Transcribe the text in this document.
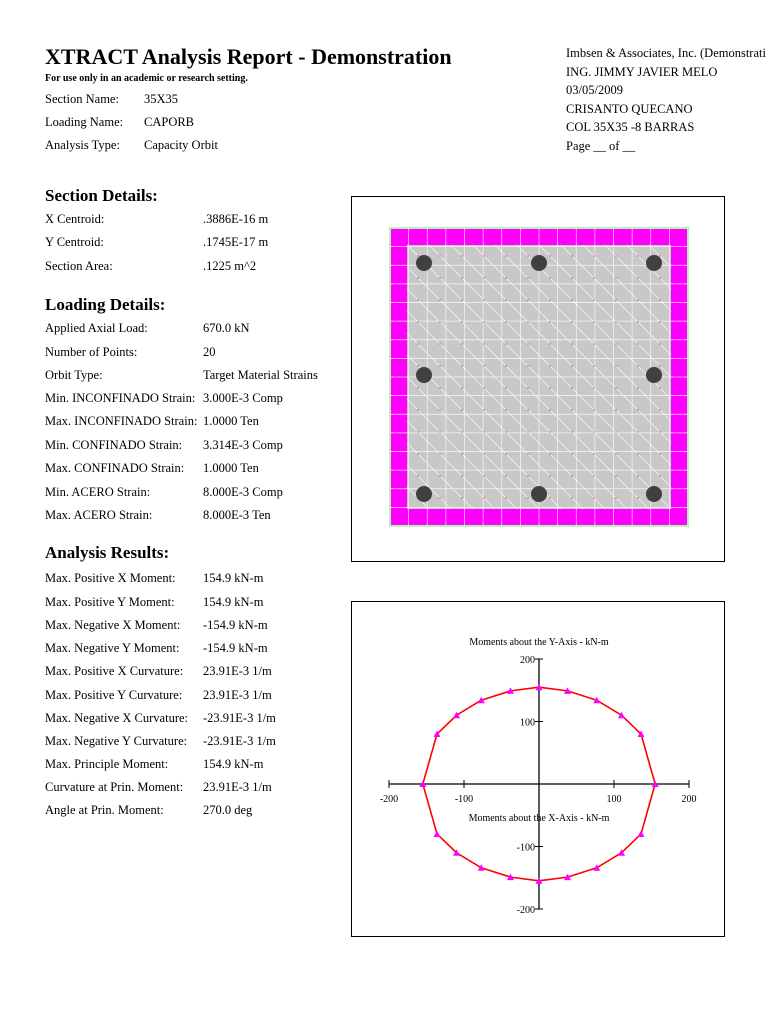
XTRACT Analysis Report - Demonstration
For use only in an academic or research setting.
Section Name: 35X35
Loading Name: CAPORB
Analysis Type: Capacity Orbit
Imbsen & Associates, Inc. (Demonstrati
ING. JIMMY JAVIER MELO
03/05/2009
CRISANTO QUECANO
COL 35X35 -8 BARRAS
Page __ of __
Section Details:
X Centroid:	.3886E-16 m
Y Centroid:	.1745E-17 m
Section Area:	.1225 m^2
Loading Details:
Applied Axial Load:	670.0 kN
Number of Points:	20
Orbit Type:	Target Material Strains
Min. INCONFINADO Strain: 3.000E-3 Comp
Max. INCONFINADO Strain: 1.0000 Ten
Min. CONFINADO Strain: 3.314E-3 Comp
Max. CONFINADO Strain: 1.0000 Ten
Min. ACERO Strain:	8.000E-3 Comp
Max. ACERO Strain:	8.000E-3 Ten
Analysis Results:
Max. Positive X Moment: 154.9 kN-m
Max. Positive Y Moment: 154.9 kN-m
Max. Negative X Moment: -154.9 kN-m
Max. Negative Y Moment: -154.9 kN-m
Max. Positive X Curvature: 23.91E-3 1/m
Max. Positive Y Curvature: 23.91E-3 1/m
Max. Negative X Curvature: -23.91E-3 1/m
Max. Negative Y Curvature: -23.91E-3 1/m
Max. Principle Moment:	154.9 kN-m
Curvature at Prin. Moment: 23.91E-3 1/m
Angle at Prin. Moment:	270.0 deg
Moments about the Y-Axis - kN-m
Moments about the X-Axis - kN-m
-200	-100	100	200
200
100
-100
-200
